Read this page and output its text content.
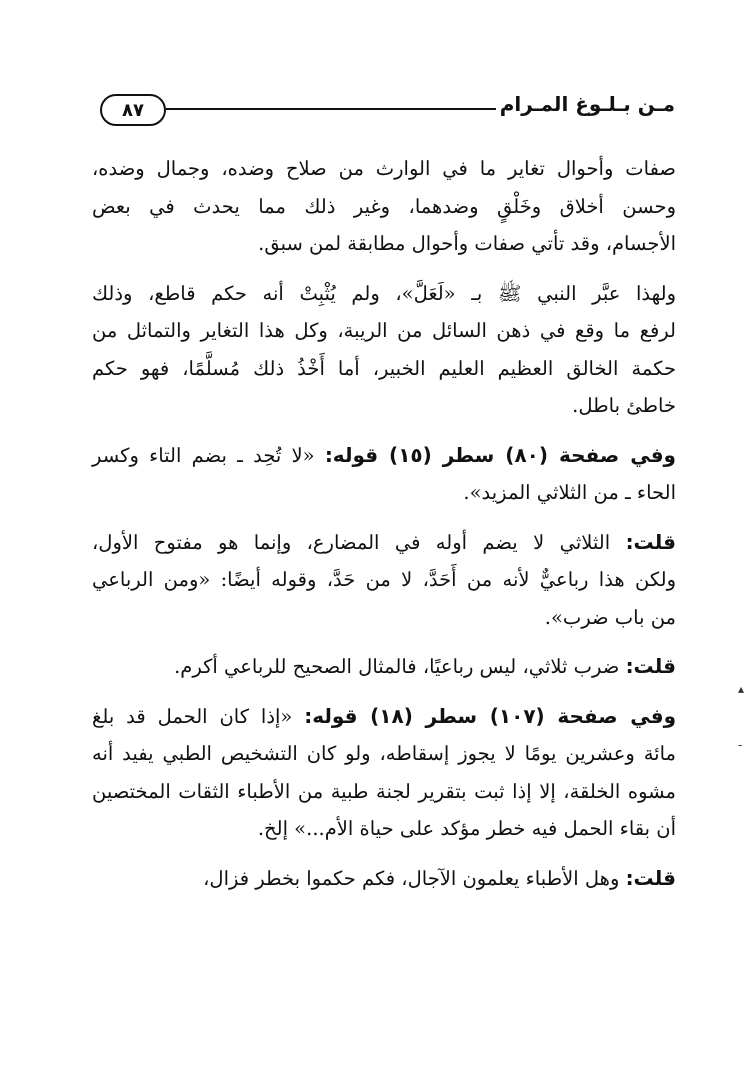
٨٧	مـن بـلـوغ المـرام

صفات وأحوال تغاير ما في الوارث من صلاح وضده، وجمال وضده،
وحسن أخلاق وخَلْقٍ وضدهما، وغير ذلك مما يحدث في بعض
الأجسام، وقد تأتي صفات وأحوال مطابقة لمن سبق.

ولهذا عبَّر النبي ﷺ بـ «لَعَلَّ»، ولم يُثْبِتْ أنه حكم قاطع، وذلك
لرفع ما وقع في ذهن السائل من الريبة، وكل هذا التغاير والتماثل من
حكمة الخالق العظيم العليم الخبير، أما أَخْذُ ذلك مُسلَّمًا، فهو حكم
خاطئ باطل.

وفي صفحة (٨٠) سطر (١٥) قوله: «لا تُحِد ـ بضم التاء وكسر
الحاء ـ من الثلاثي المزيد».

قلت: الثلاثي لا يضم أوله في المضارع، وإنما هو مفتوح الأول،
ولكن هذا رباعيٌّ لأنه من أَحَدَّ، لا من حَدَّ، وقوله أيضًا: «ومن الرباعي
من باب ضرب».

قلت: ضرب ثلاثي، ليس رباعيًا، فالمثال الصحيح للرباعي أكرم.

وفي صفحة (١٠٧) سطر (١٨) قوله: «إذا كان الحمل قد بلغ
مائة وعشرين يومًا لا يجوز إسقاطه، ولو كان التشخيص الطبي يفيد أنه
مشوه الخلقة، إلا إذا ثبت بتقرير لجنة طبية من الأطباء الثقات المختصين
أن بقاء الحمل فيه خطر مؤكد على حياة الأم...» إلخ.

قلت: وهل الأطباء يعلمون الآجال، فكم حكموا بخطر فزال،

▴
-
